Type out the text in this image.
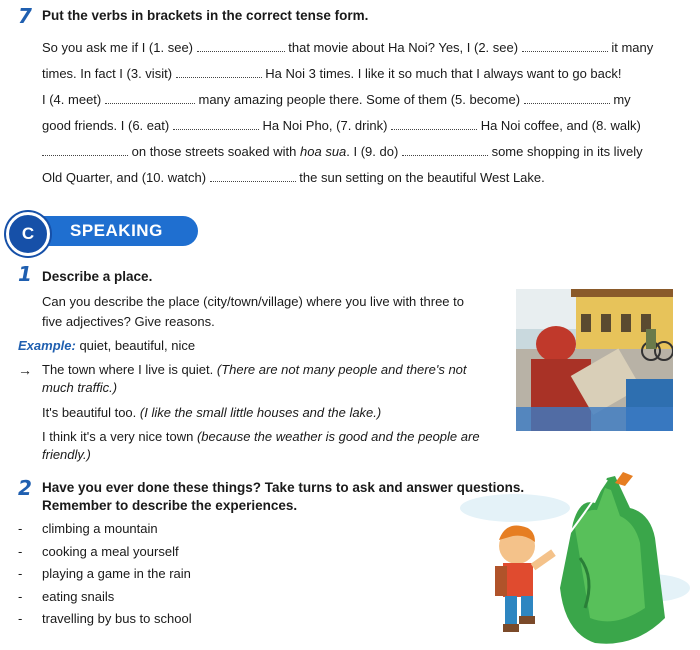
7 Put the verbs in brackets in the correct tense form.
So you ask me if I (1. see)	that movie about Ha Noi? Yes, I (2. see)	it many
times. In fact I (3. visit)	Ha Noi 3 times. I like it so much that I always want to go back!
I (4. meet)	many amazing people there. Some of them (5. become)	my
good friends. I (6. eat)	Ha Noi Pho, (7. drink)	Ha Noi coffee, and (8. walk)
on those streets soaked with hoa sua. I (9. do)	some shopping in its lively
Old Quarter, and (10. watch)	the sun setting on the beautiful West Lake.
C	SPEAKING
1 Describe a place.
Can you describe the place (city/town/village) where you live with three to
five adjectives? Give reasons.
Example: quiet, beautiful, nice
→ The town where I live is quiet. (There are not many people and there's not
much traffic.)
It's beautiful too. (I like the small little houses and the lake.)
I think it's a very nice town (because the weather is good and the people are
friendly.)
2 Have you ever done these things? Take turns to ask and answer questions.
Remember to describe the experiences.
- climbing a mountain
- cooking a meal yourself
- playing a game in the rain
- eating snails
- travelling by bus to school
